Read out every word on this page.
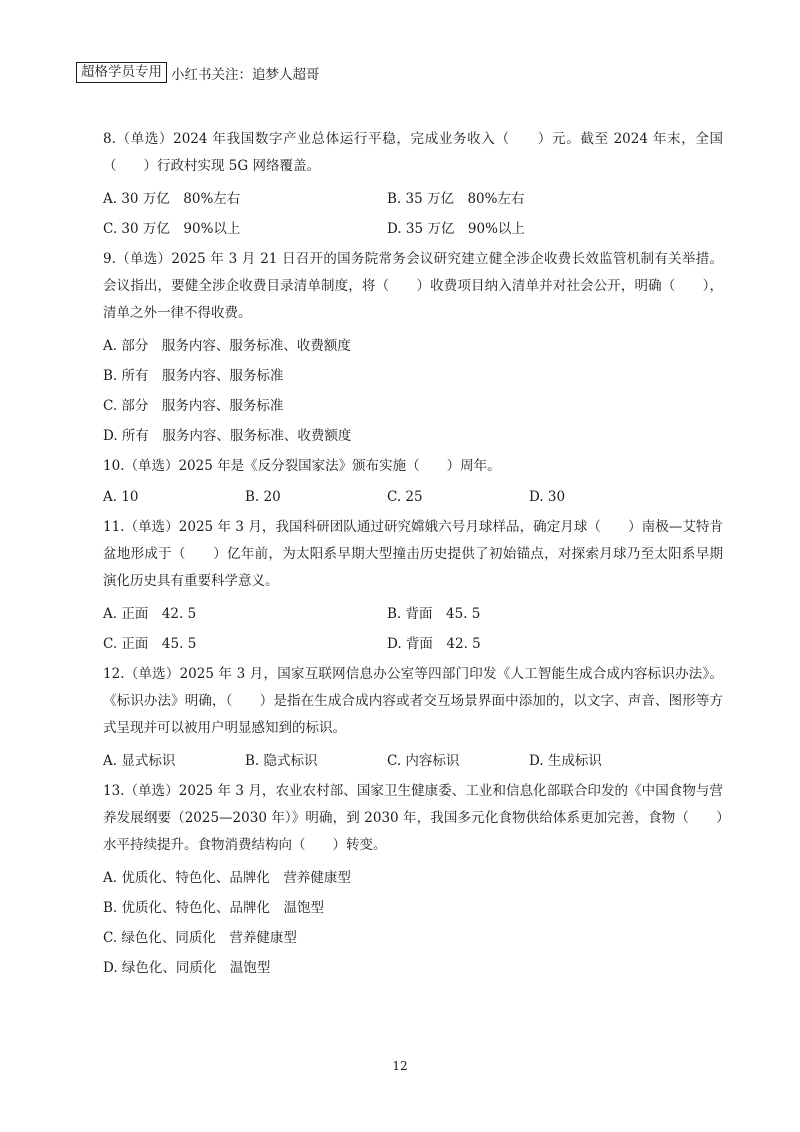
超格学员专用 小红书关注：追梦人超哥

8.（单选）2024 年我国数字产业总体运行平稳，完成业务收入（　　）元。截至 2024 年末，全国（　　）行政村实现 5G 网络覆盖。

A. 30 万亿　80%左右	B. 35 万亿　80%左右
C. 30 万亿　90%以上	D. 35 万亿　90%以上

9.（单选）2025 年 3 月 21 日召开的国务院常务会议研究建立健全涉企收费长效监管机制有关举措。会议指出，要健全涉企收费目录清单制度，将（　　）收费项目纳入清单并对社会公开，明确（　　），清单之外一律不得收费。

A. 部分　服务内容、服务标准、收费额度
B. 所有　服务内容、服务标准
C. 部分　服务内容、服务标准
D. 所有　服务内容、服务标准、收费额度

10.（单选）2025 年是《反分裂国家法》颁布实施（　　）周年。

A. 10	B. 20	C. 25	D. 30

11.（单选）2025 年 3 月，我国科研团队通过研究嫦娥六号月球样品，确定月球（　　）南极—艾特肯盆地形成于（　　）亿年前，为太阳系早期大型撞击历史提供了初始锚点，对探索月球乃至太阳系早期演化历史具有重要科学意义。

A. 正面　42. 5	B. 背面　45. 5
C. 正面　45. 5	D. 背面　42. 5

12.（单选）2025 年 3 月，国家互联网信息办公室等四部门印发《人工智能生成合成内容标识办法》。《标识办法》明确，（　　）是指在生成合成内容或者交互场景界面中添加的，以文字、声音、图形等方式呈现并可以被用户明显感知到的标识。

A. 显式标识	B. 隐式标识	C. 内容标识	D. 生成标识

13.（单选）2025 年 3 月，农业农村部、国家卫生健康委、工业和信息化部联合印发的《中国食物与营养发展纲要（2025—2030 年）》明确，到 2030 年，我国多元化食物供给体系更加完善，食物（　　）水平持续提升。食物消费结构向（　　）转变。

A. 优质化、特色化、品牌化　营养健康型
B. 优质化、特色化、品牌化　温饱型
C. 绿色化、同质化　营养健康型
D. 绿色化、同质化　温饱型
12
